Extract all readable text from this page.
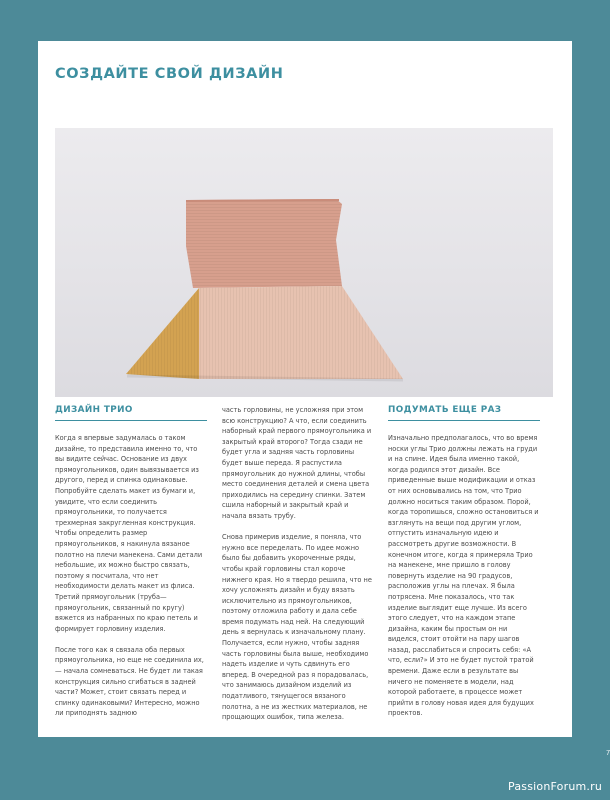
СОЗДАЙТЕ СВОЙ ДИЗАЙН
ДИЗАЙН ТРИО

Когда я впервые задумалась о таком дизайне, то представила именно то, что вы видите сейчас. Основание из двух прямоугольников, один вывязывается из другого, перед и спинка одинаковые. Попробуйте сделать макет из бумаги и, увидите, что если соединить прямоугольники, то получается трехмерная закругленная конструкция. Чтобы определить размер прямоугольников, я накинула вязаное полотно на плечи манекена. Сами детали небольшие, их можно быстро связать, поэтому я посчитала, что нет необходимости делать макет из флиса. Третий прямоугольник (труба—прямоугольник, связанный по кругу) вяжется из набранных по краю петель и формирует горловину изделия.

После того как я связала оба первых прямоугольника, но еще не соединила их, — начала сомневаться. Не будет ли такая конструкция сильно сгибаться в задней части? Может, стоит связать перед и спинку одинаковыми? Интересно, можно ли приподнять заднюю

часть горловины, не усложняя при этом всю конструкцию? А что, если соединить наборный край первого прямоугольника и закрытый край второго? Тогда сзади не будет угла и задняя часть горловины будет выше переда. Я распустила прямоугольник до нужной длины, чтобы место соединения деталей и смена цвета приходились на середину спинки. Затем сшила наборный и закрытый край и начала вязать трубу.

Снова примерив изделие, я поняла, что нужно все переделать. По идее можно было бы добавить укороченные ряды, чтобы край горловины стал короче нижнего края. Но я твердо решила, что не хочу усложнять дизайн и буду вязать исключительно из прямоугольников, поэтому отложила работу и дала себе время подумать над ней. На следующий день я вернулась к изначальному плану. Получается, если нужно, чтобы задняя часть горловины была выше, необходимо надеть изделие и чуть сдвинуть его вперед. В очередной раз я порадовалась, что занимаюсь дизайном изделий из податливого, тянущегося вязаного полотна, а не из жестких материалов, не прощающих ошибок, типа железа.

ПОДУМАТЬ ЕЩЕ РАЗ

Изначально предполагалось, что во время носки углы Трио должны лежать на груди и на спине. Идея была именно такой, когда родился этот дизайн. Все приведенные выше модификации и отказ от них основывались на том, что Трио должно носиться таким образом. Порой, когда торопишься, сложно остановиться и взглянуть на вещи под другим углом, отпустить изначальную идею и рассмотреть другие возможности. В конечном итоге, когда я примеряла Трио на манекене, мне пришло в голову повернуть изделие на 90 градусов, расположив углы на плечах. Я была потрясена. Мне показалось, что так изделие выглядит еще лучше. Из всего этого следует, что на каждом этапе дизайна, каким бы простым он ни виделся, стоит отойти на пару шагов назад, расслабиться и спросить себя: «А что, если?» И это не будет пустой тратой времени. Даже если в результате вы ничего не поменяете в модели, над которой работаете, в процессе может прийти в голову новая идея для будущих проектов.

7
PassionForum.ru
